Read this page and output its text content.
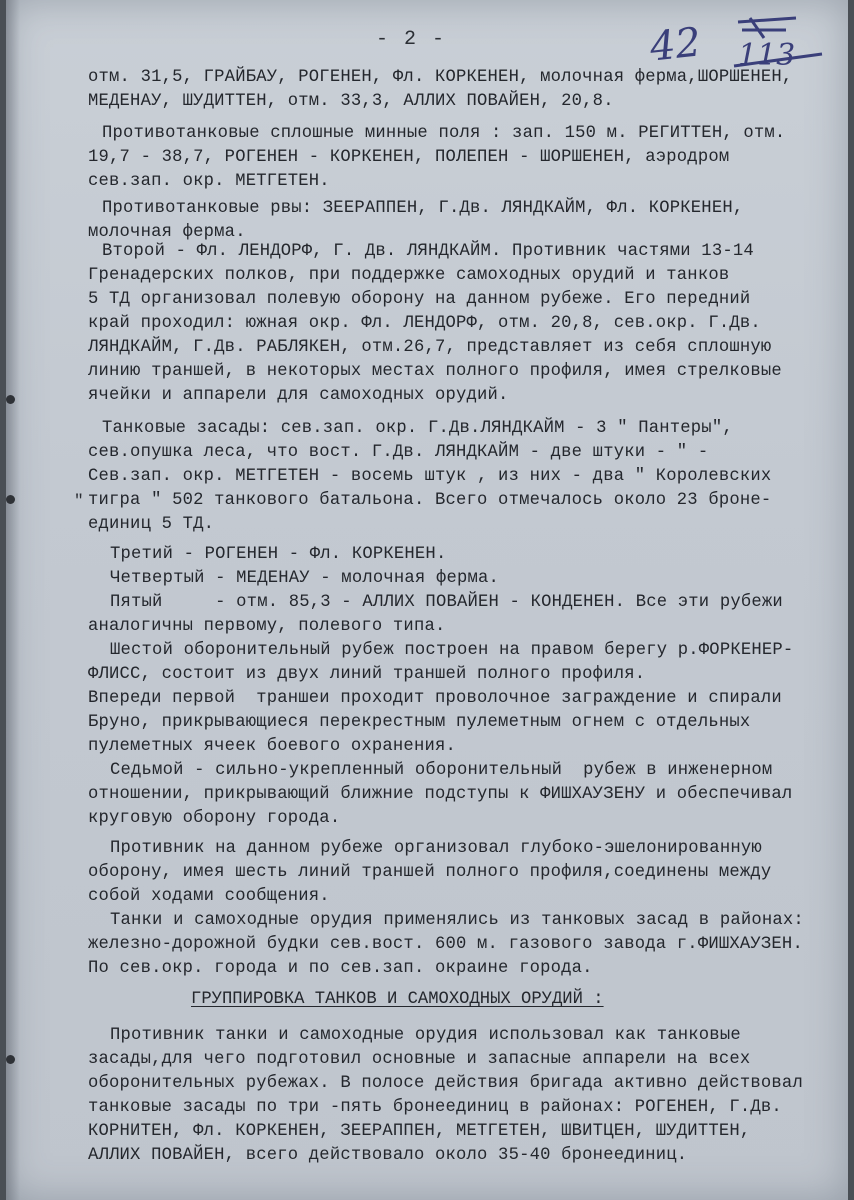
- 2 -	42 113
отм. 31,5, ГРАЙБАУ, РОГЕНЕН, Фл. КОРКЕНЕН, молочная ферма,ШОРШЕНЕН,
МЕДЕНАУ, ШУДИТТЕН, отм. 33,3, АЛЛИХ ПОВАЙЕН, 20,8.
Противотанковые сплошные минные поля : зап. 150 м. РЕГИТТЕН, отм.
19,7 - 38,7, РОГЕНЕН - КОРКЕНЕН, ПОЛЕПЕН - ШОРШЕНЕН, аэродром
сев.зап. окр. МЕТГЕТЕН.
Противотанковые рвы: ЗЕЕРАППЕН, Г.Дв. ЛЯНДКАЙМ, Фл. КОРКЕНЕН,
молочная ферма.
Второй - Фл. ЛЕНДОРФ, Г. Дв. ЛЯНДКАЙМ. Противник частями 13-14
Гренадерских полков, при поддержке самоходных орудий и танков
5 ТД организовал полевую оборону на данном рубеже. Его передний
край проходил: южная окр. Фл. ЛЕНДОРФ, отм. 20,8, сев.окр. Г.Дв.
ЛЯНДКАЙМ, Г.Дв. РАБЛЯКЕН, отм.26,7, представляет из себя сплошную
линию траншей, в некоторых местах полного профиля, имея стрелковые
ячейки и аппарели для самоходных орудий.
Танковые засады: сев.зап. окр. Г.Дв.ЛЯНДКАЙМ - 3 " Пантеры",
сев.опушка леса, что вост. Г.Дв. ЛЯНДКАЙМ - две штуки - " -
Сев.зап. окр. МЕТГЕТЕН - восемь штук , из них - два " Королевских
тигра " 502 танкового батальона. Всего отмечалось около 23 броне-
единиц 5 ТД.
Третий - РОГЕНЕН - Фл. КОРКЕНЕН.
Четвертый - МЕДЕНАУ - молочная ферма.
Пятый     - отм. 85,3 - АЛЛИХ ПОВАЙЕН - КОНДЕНЕН. Все эти рубежи
аналогичны первому, полевого типа.
Шестой оборонительный рубеж построен на правом берегу р.ФОРКЕНЕР-
ФЛИСС, состоит из двух линий траншей полного профиля.
Впереди первой  траншеи проходит проволочное заграждение и спирали
Бруно, прикрывающиеся перекрестным пулеметным огнем с отдельных
пулеметных ячеек боевого охранения.
Седьмой - сильно-укрепленный оборонительный  рубеж в инженерном
отношении, прикрывающий ближние подступы к ФИШХАУЗЕНУ и обеспечивал
круговую оборону города.
Противник на данном рубеже организовал глубоко-эшелонированную
оборону, имея шесть линий траншей полного профиля,соединены между
собой ходами сообщения.
Танки и самоходные орудия применялись из танковых засад в районах:
железно-дорожной будки сев.вост. 600 м. газового завода г.ФИШХАУЗЕН.
По сев.окр. города и по сев.зап. окраине города.
ГРУППИРОВКА ТАНКОВ И САМОХОДНЫХ ОРУДИЙ :
Противник танки и самоходные орудия использовал как танковые
засады,для чего подготовил основные и запасные аппарели на всех
оборонительных рубежах. В полосе действия бригада активно действовал
танковые засады по три -пять бронеединиц в районах: РОГЕНЕН, Г.Дв.
КОРНИТЕН, Фл. КОРКЕНЕН, ЗЕЕРАППЕН, МЕТГЕТЕН, ШВИТЦЕН, ШУДИТТЕН,
АЛЛИХ ПОВАЙЕН, всего действовало около 35-40 бронеединиц.
"
